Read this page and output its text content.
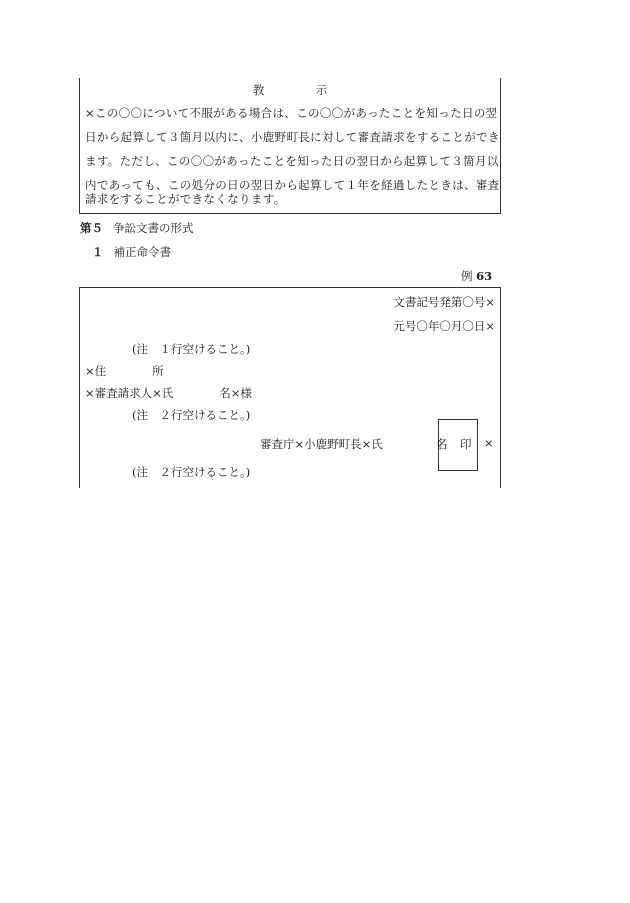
教　示
×この〇〇について不服がある場合は、この〇〇があったことを知った日の翌
日から起算して３箇月以内に、小鹿野町長に対して審査請求をすることができ
ます。ただし、この〇〇があったことを知った日の翌日から起算して３箇月以
内であっても、この処分の日の翌日から起算して１年を経過したときは、審査
請求をすることができなくなります。
第５ 争訟文書の形式
１ 補正命令書
例 63
文書記号発第〇号×
元号〇年〇月〇日×
(注　１行空けること。)
×住　　　　所
×審査請求人×氏　　　　名×様
(注　２行空けること。)
審査庁×小鹿野町長×氏　　　　 名 印 ×
(注　２行空けること。)
